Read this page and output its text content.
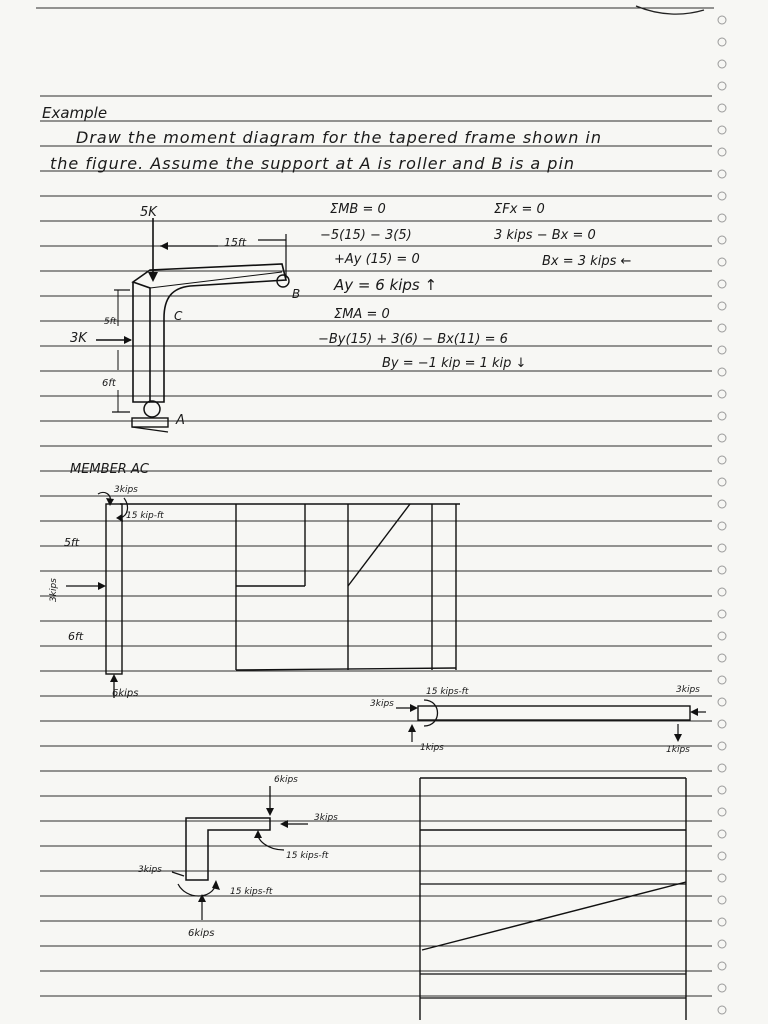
Example
Draw the moment diagram for the tapered frame shown in
the figure. Assume the support at A is roller and B is a pin
5K
15ft
3K
5ft
6ft
A
B
C
ΣMB = 0
−5(15) − 3(5)
+Ay (15) = 0
Ay = 6 kips ↑
ΣMA = 0
−By(15) + 3(6) − Bx(11) = 6
By = −1 kip = 1 kip ↓
ΣFx = 0
3 kips − Bx = 0
Bx = 3 kips ←
MEMBER AC
3kips
15 kip-ft
5ft
3kips
6ft
6kips
3kips
15 kips-ft
1kips
3kips
1kips
6kips
3kips
15 kips-ft
3kips
15 kips-ft
6kips
